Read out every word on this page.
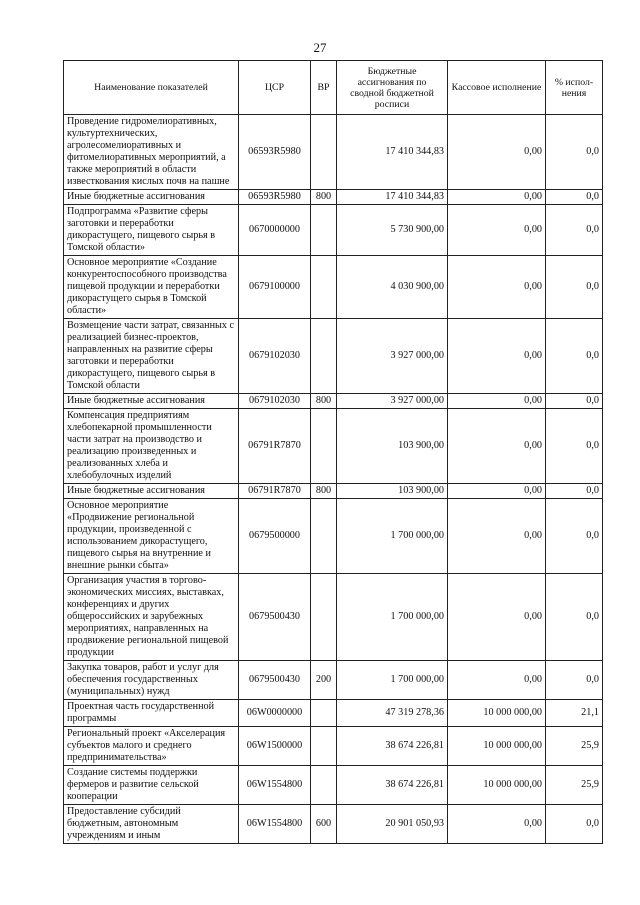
27
Наименование показателей	ЦСР	ВР	Бюджетные ассигнования по сводной бюджетной росписи	Кассовое исполнение	% испол-нения
Проведение гидромелиоративных, культуртехнических, агролесомелиоративных и фитомелиоративных мероприятий, а также мероприятий в области известкования кислых почв на пашне	06593R5980		17 410 344,83	0,00	0,0
Иные бюджетные ассигнования	06593R5980	800	17 410 344,83	0,00	0,0
Подпрограмма «Развитие сферы заготовки и переработки дикорастущего, пищевого сырья в Томской области»	0670000000		5 730 900,00	0,00	0,0
Основное мероприятие «Создание конкурентоспособного производства пищевой продукции и переработки дикорастущего сырья в Томской области»	0679100000		4 030 900,00	0,00	0,0
Возмещение части затрат, связанных с реализацией бизнес-проектов, направленных на развитие сферы заготовки и переработки дикорастущего, пищевого сырья в Томской области	0679102030		3 927 000,00	0,00	0,0
Иные бюджетные ассигнования	0679102030	800	3 927 000,00	0,00	0,0
Компенсация предприятиям хлебопекарной промышленности части затрат на производство и реализацию произведенных и реализованных хлеба и хлебобулочных изделий	06791R7870		103 900,00	0,00	0,0
Иные бюджетные ассигнования	06791R7870	800	103 900,00	0,00	0,0
Основное мероприятие «Продвижение региональной продукции, произведенной с использованием дикорастущего, пищевого сырья на внутренние и внешние рынки сбыта»	0679500000		1 700 000,00	0,00	0,0
Организация участия в торгово-экономических миссиях, выставках, конференциях и других общероссийских и зарубежных мероприятиях, направленных на продвижение региональной пищевой продукции	0679500430		1 700 000,00	0,00	0,0
Закупка товаров, работ и услуг для обеспечения государственных (муниципальных) нужд	0679500430	200	1 700 000,00	0,00	0,0
Проектная часть государственной программы	06W0000000		47 319 278,36	10 000 000,00	21,1
Региональный проект «Акселерация субъектов малого и среднего предпринимательства»	06W1500000		38 674 226,81	10 000 000,00	25,9
Создание системы поддержки фермеров и развитие сельской кооперации	06W1554800		38 674 226,81	10 000 000,00	25,9
Предоставление субсидий бюджетным, автономным учреждениям и иным	06W1554800	600	20 901 050,93	0,00	0,0
